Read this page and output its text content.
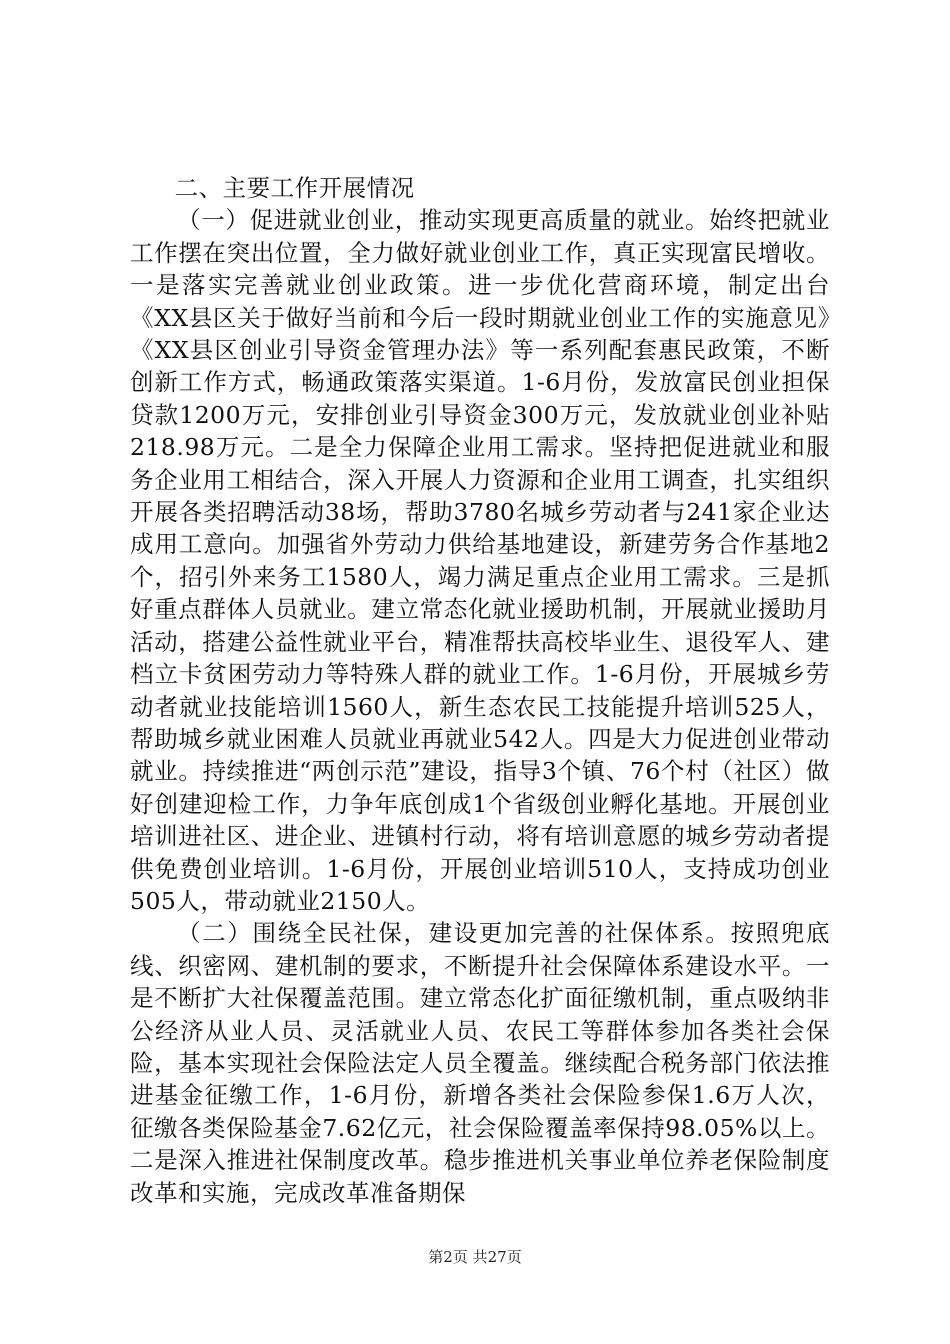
二、主要工作开展情况

（一）促进就业创业，推动实现更高质量的就业。始终把就业工作摆在突出位置，全力做好就业创业工作，真正实现富民增收。一是落实完善就业创业政策。进一步优化营商环境，制定出台《XX县区关于做好当前和今后一段时期就业创业工作的实施意见》《XX县区创业引导资金管理办法》等一系列配套惠民政策，不断创新工作方式，畅通政策落实渠道。1-6月份，发放富民创业担保贷款1200万元，安排创业引导资金300万元，发放就业创业补贴218.98万元。二是全力保障企业用工需求。坚持把促进就业和服务企业用工相结合，深入开展人力资源和企业用工调查，扎实组织开展各类招聘活动38场，帮助3780名城乡劳动者与241家企业达成用工意向。加强省外劳动力供给基地建设，新建劳务合作基地2个，招引外来务工1580人，竭力满足重点企业用工需求。三是抓好重点群体人员就业。建立常态化就业援助机制，开展就业援助月活动，搭建公益性就业平台，精准帮扶高校毕业生、退役军人、建档立卡贫困劳动力等特殊人群的就业工作。1-6月份，开展城乡劳动者就业技能培训1560人，新生态农民工技能提升培训525人，帮助城乡就业困难人员就业再就业542人。四是大力促进创业带动就业。持续推进“两创示范”建设，指导3个镇、76个村（社区）做好创建迎检工作，力争年底创成1个省级创业孵化基地。开展创业培训进社区、进企业、进镇村行动，将有培训意愿的城乡劳动者提供免费创业培训。1-6月份，开展创业培训510人，支持成功创业505人，带动就业2150人。

（二）围绕全民社保，建设更加完善的社保体系。按照兜底线、织密网、建机制的要求，不断提升社会保障体系建设水平。一是不断扩大社保覆盖范围。建立常态化扩面征缴机制，重点吸纳非公经济从业人员、灵活就业人员、农民工等群体参加各类社会保险，基本实现社会保险法定人员全覆盖。继续配合税务部门依法推进基金征缴工作，1-6月份，新增各类社会保险参保1.6万人次，征缴各类保险基金7.62亿元，社会保险覆盖率保持98.05%以上。二是深入推进社保制度改革。稳步推进机关事业单位养老保险制度改革和实施，完成改革准备期保

第2页 共27页
